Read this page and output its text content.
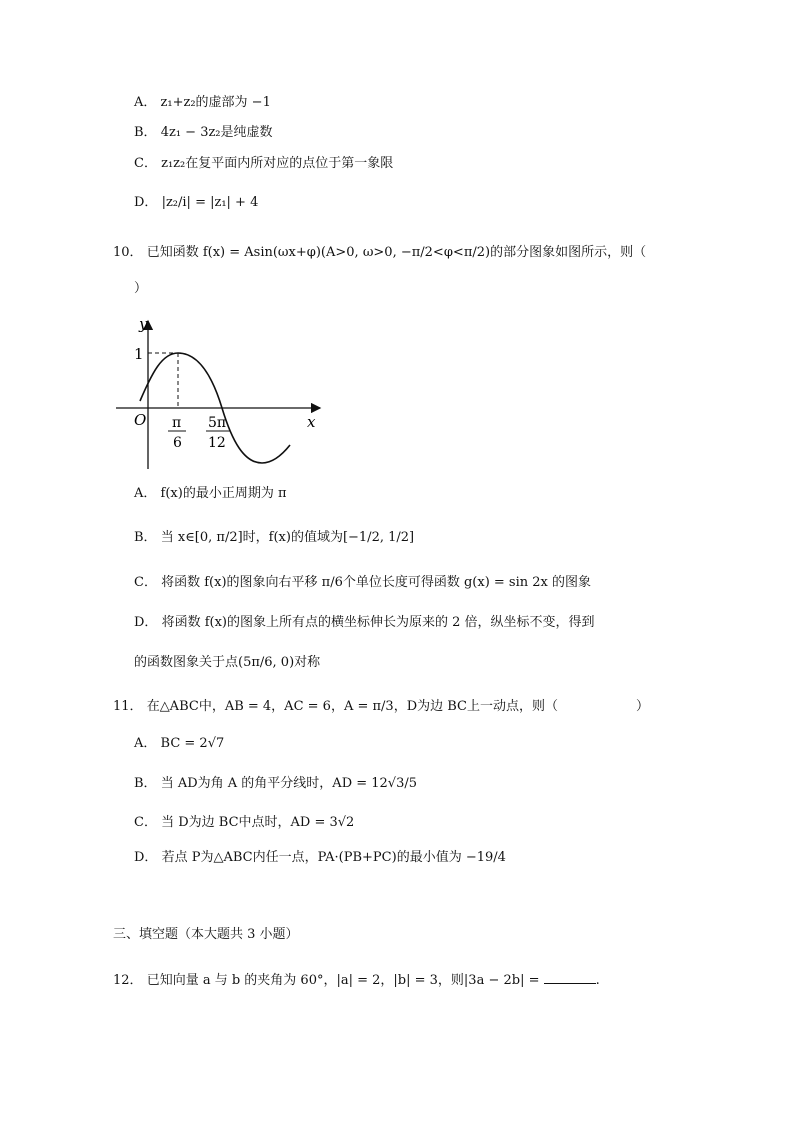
A． z₁+z₂的虚部为 −1
B． 4z₁ − 3z₂是纯虚数
C． z₁z₂在复平面内所对应的点位于第一象限
D． |z₂/i| = |z₁| + 4
10． 已知函数 f(x) = Asin(ωx+φ)(A>0, ω>0, −π/2<φ<π/2)的部分图象如图所示，则（
）
y
x
O
1
π
6
5π
12
A． f(x)的最小正周期为 π
B． 当 x∈[0, π/2]时，f(x)的值域为[−1/2, 1/2]
C． 将函数 f(x)的图象向右平移 π/6个单位长度可得函数 g(x) = sin 2x 的图象
D． 将函数 f(x)的图象上所有点的横坐标伸长为原来的 2 倍，纵坐标不变，得到
的函数图象关于点(5π/6, 0)对称
11． 在△ABC中，AB = 4，AC = 6，A = π/3，D为边 BC上一动点，则（	）
A． BC = 2√7
B． 当 AD为角 A 的角平分线时，AD = 12√3/5
C． 当 D为边 BC中点时，AD = 3√2
D． 若点 P为△ABC内任一点，PA·(PB+PC)的最小值为 −19/4
三、填空题（本大题共 3 小题）
12． 已知向量 a 与 b 的夹角为 60°，|a| = 2，|b| = 3，则|3a − 2b| =	.
